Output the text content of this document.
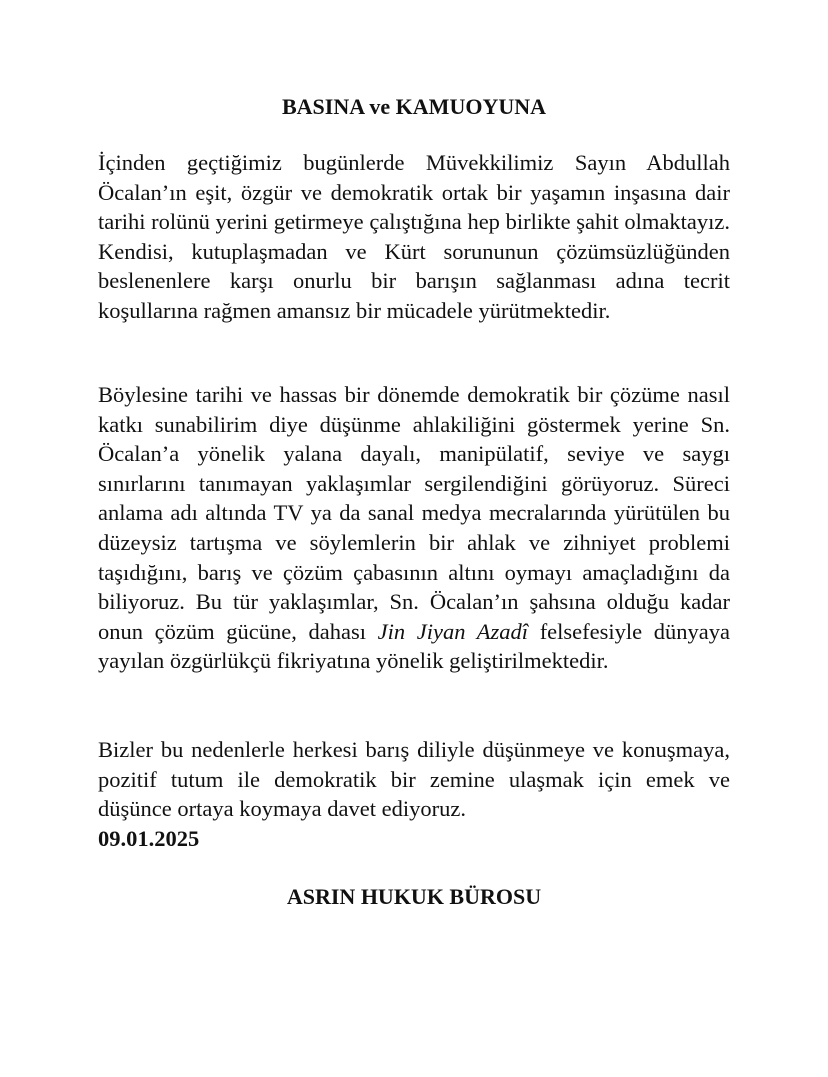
BASINA ve KAMUOYUNA

İçinden geçtiğimiz bugünlerde Müvekkilimiz Sayın Abdullah Öcalan’ın eşit, özgür ve demokratik ortak bir yaşamın inşasına dair tarihi rolünü yerini getirmeye çalıştığına hep birlikte şahit olmaktayız. Kendisi, kutuplaşmadan ve Kürt sorununun çözümsüzlüğünden beslenenlere karşı onurlu bir barışın sağlanması adına tecrit koşullarına rağmen amansız bir mücadele yürütmektedir.

Böylesine tarihi ve hassas bir dönemde demokratik bir çözüme nasıl katkı sunabilirim diye düşünme ahlakiliğini göstermek yerine Sn. Öcalan’a yönelik yalana dayalı, manipülatif, seviye ve saygı sınırlarını tanımayan yaklaşımlar sergilendiğini görüyoruz. Süreci anlama adı altında TV ya da sanal medya mecralarında yürütülen bu düzeysiz tartışma ve söylemlerin bir ahlak ve zihniyet problemi taşıdığını, barış ve çözüm çabasının altını oymayı amaçladığını da biliyoruz. Bu tür yaklaşımlar, Sn. Öcalan’ın şahsına olduğu kadar onun çözüm gücüne, dahası Jin Jiyan Azadî felsefesiyle dünyaya yayılan özgürlükçü fikriyatına yönelik geliştirilmektedir.

Bizler bu nedenlerle herkesi barış diliyle düşünmeye ve konuşmaya, pozitif tutum ile demokratik bir zemine ulaşmak için emek ve düşünce ortaya koymaya davet ediyoruz.
09.01.2025

ASRIN HUKUK BÜROSU
